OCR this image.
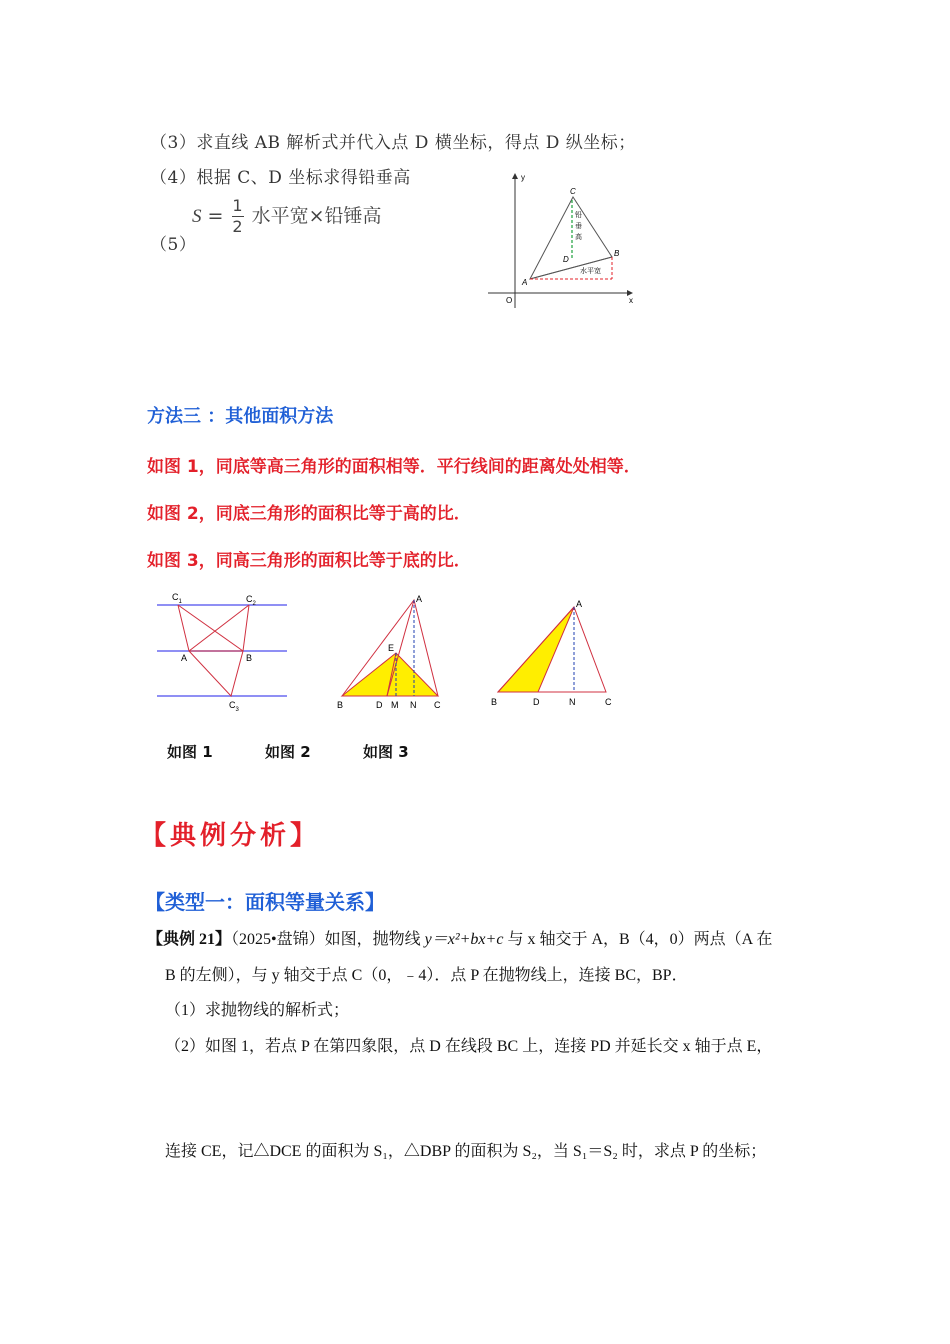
（3）求直线 AB 解析式并代入点 D 横坐标，得点 D 纵坐标；
（4）根据 C、D 坐标求得铅垂高
（5）
$S = \frac{1}{2}$ 水平宽×铅锤高
y
x
O
C
B
A
D
铅
垂
高
水平宽
方法三 ：其他面积方法
如图 1，同底等高三角形的面积相等．平行线间的距离处处相等．
如图 2，同底三角形的面积比等于高的比．
如图 3，同高三角形的面积比等于底的比．
$C_1$	$C_2$
$C_3$
A	B
A
E
B	D M N C
A
B	D	N	C
如图 1	如图 2	如图 3
【典例分析】
【类型一：面积等量关系】
【典例 21】（2025•盘锦）如图，抛物线 y＝x²+bx+c 与 x 轴交于 A，B（4，0）两点（A 在
B 的左侧），与 y 轴交于点 C（0，﹣4）．点 P 在抛物线上，连接 BC，BP．
（1）求抛物线的解析式；
（2）如图 1，若点 P 在第四象限，点 D 在线段 BC 上，连接 PD 并延长交 x 轴于点 E，
连接 CE，记△DCE 的面积为 S₁，△DBP 的面积为 S₂，当 S₁＝S₂ 时，求点 P 的坐标；
